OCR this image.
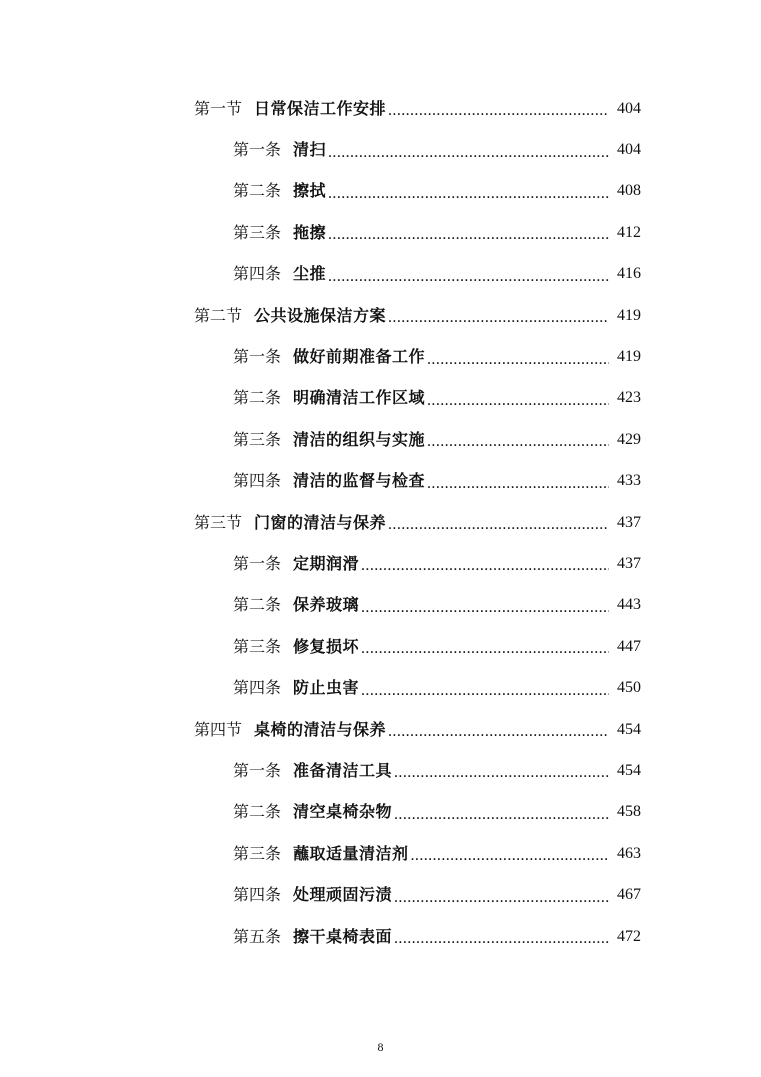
第一节 日常保洁工作安排 .....	404
第一条 清扫 .....	404
第二条 擦拭 .....	408
第三条 拖擦 .....	412
第四条 尘推 .....	416
第二节 公共设施保洁方案 .....	419
第一条 做好前期准备工作 .....	419
第二条 明确清洁工作区域 .....	423
第三条 清洁的组织与实施 .....	429
第四条 清洁的监督与检查 .....	433
第三节 门窗的清洁与保养 .....	437
第一条 定期润滑 .....	437
第二条 保养玻璃 .....	443
第三条 修复损坏 .....	447
第四条 防止虫害 .....	450
第四节 桌椅的清洁与保养 .....	454
第一条 准备清洁工具 .....	454
第二条 清空桌椅杂物 .....	458
第三条 蘸取适量清洁剂 .....	463
第四条 处理顽固污渍 .....	467
第五条 擦干桌椅表面 .....	472
8
